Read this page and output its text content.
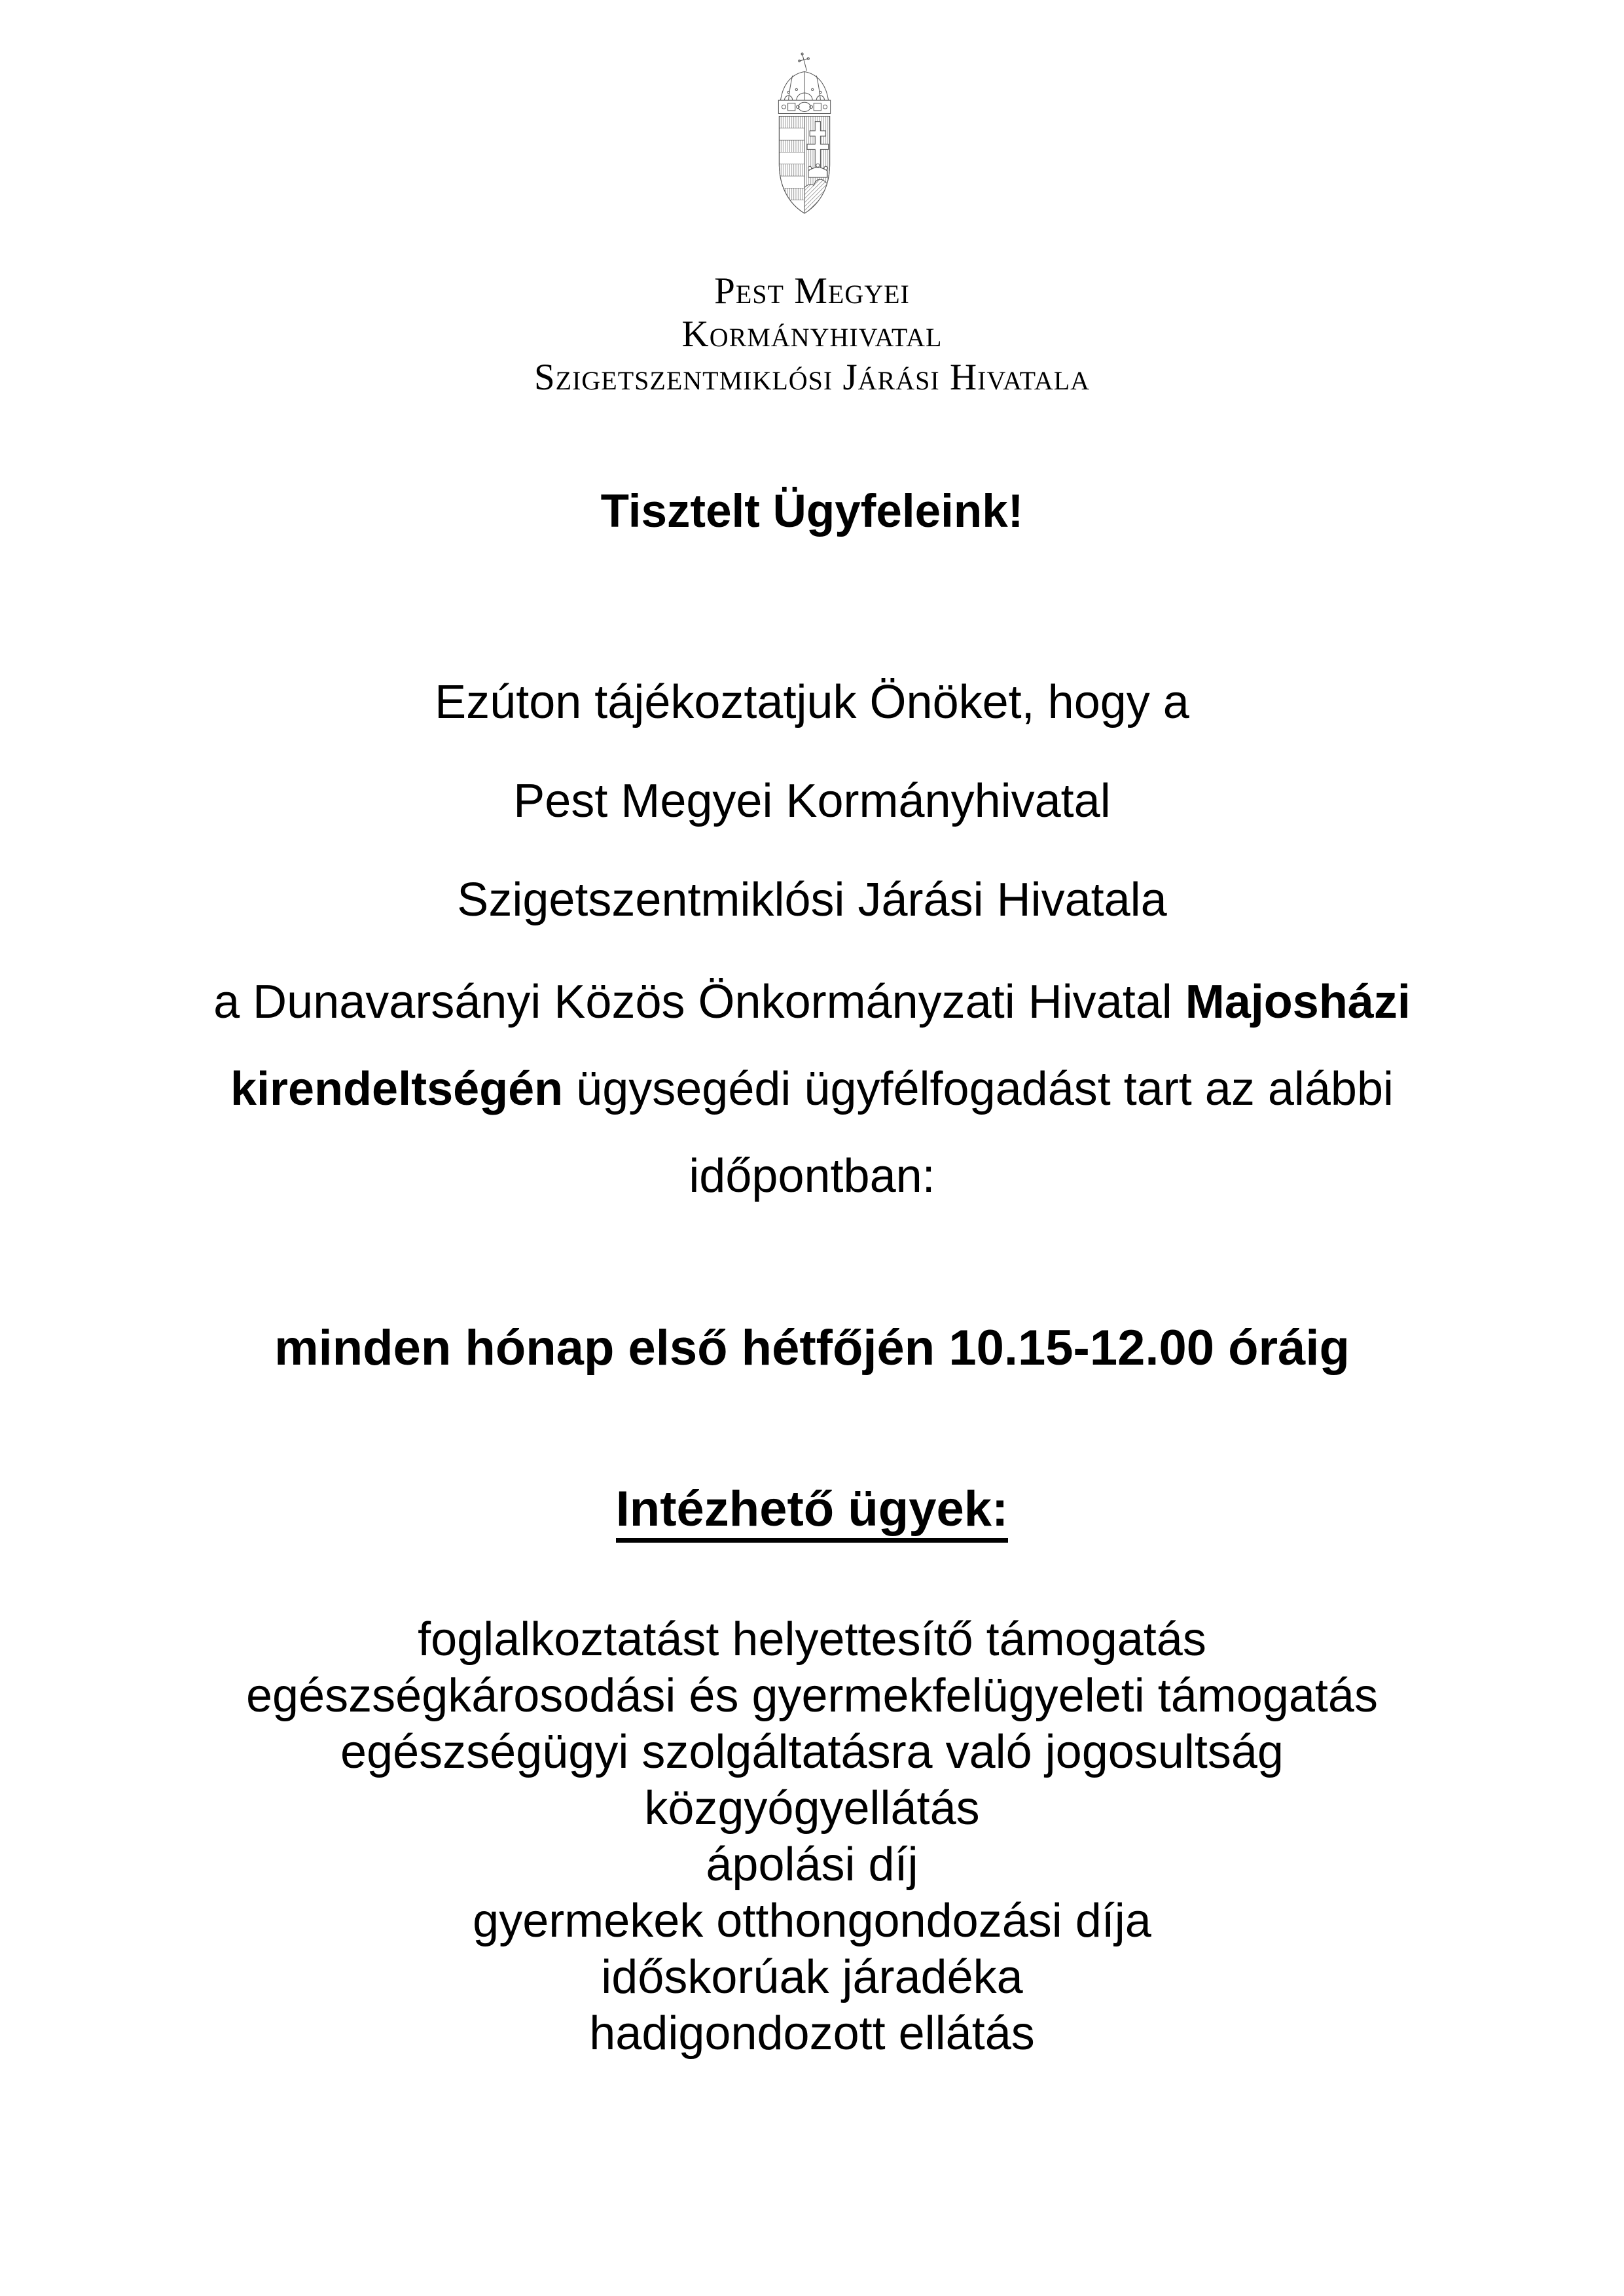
Pest Megyei
Kormányhivatal
Szigetszentmiklósi Járási Hivatala
Tisztelt Ügyfeleink!
Ezúton tájékoztatjuk Önöket, hogy a
Pest Megyei Kormányhivatal
Szigetszentmiklósi Járási Hivatala
a Dunavarsányi Közös Önkormányzati Hivatal Majosházi
kirendeltségén ügysegédi ügyfélfogadást tart az alábbi
időpontban:
minden hónap első hétfőjén 10.15-12.00 óráig
Intézhető ügyek:
foglalkoztatást helyettesítő támogatás
egészségkárosodási és gyermekfelügyeleti támogatás
egészségügyi szolgáltatásra való jogosultság
közgyógyellátás
ápolási díj
gyermekek otthongondozási díja
időskorúak járadéka
hadigondozott ellátás
